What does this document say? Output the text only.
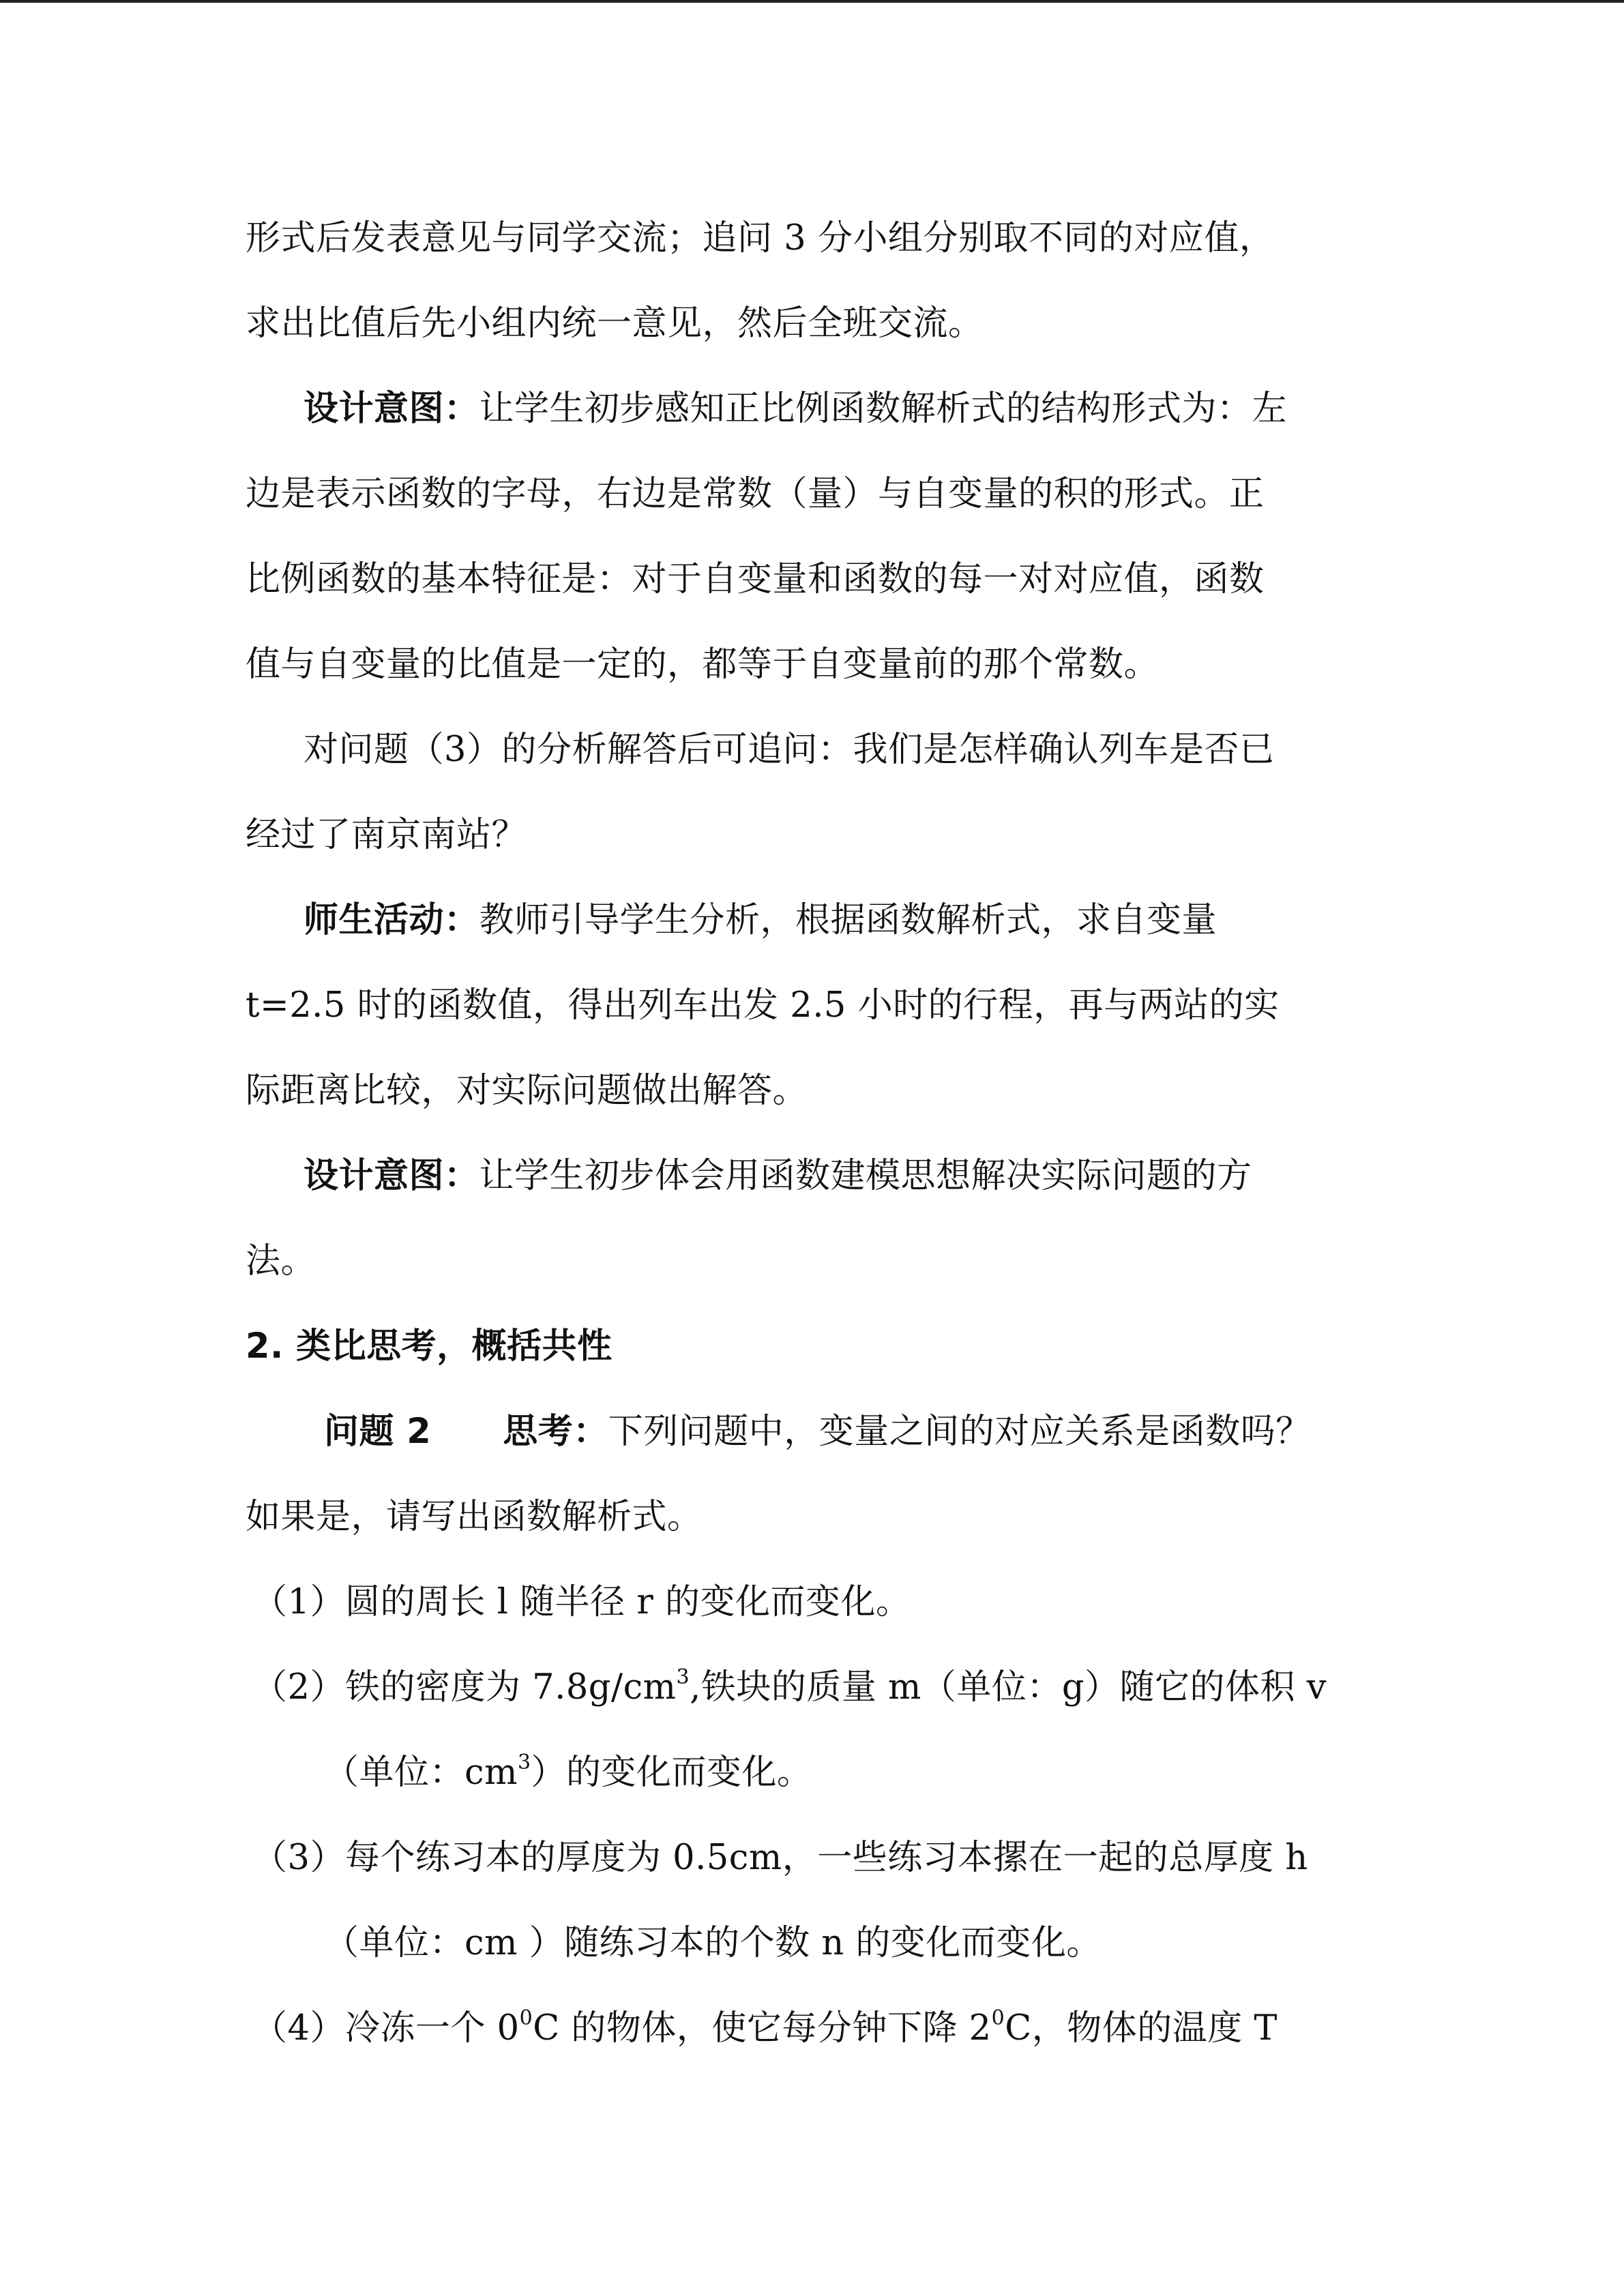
形式后发表意见与同学交流；追问 3 分小组分别取不同的对应值，
求出比值后先小组内统一意见，然后全班交流。
设计意图：让学生初步感知正比例函数解析式的结构形式为：左
边是表示函数的字母，右边是常数（量）与自变量的积的形式。正
比例函数的基本特征是：对于自变量和函数的每一对对应值，函数
值与自变量的比值是一定的，都等于自变量前的那个常数。
对问题（3）的分析解答后可追问：我们是怎样确认列车是否已
经过了南京南站？
师生活动：教师引导学生分析，根据函数解析式，求自变量
t=2.5 时的函数值，得出列车出发 2.5 小时的行程，再与两站的实
际距离比较，对实际问题做出解答。
设计意图：让学生初步体会用函数建模思想解决实际问题的方
法。
2. 类比思考，概括共性
问题 2 思考：下列问题中，变量之间的对应关系是函数吗？
如果是，请写出函数解析式。
（1）圆的周长 l 随半径 r 的变化而变化。
（2）铁的密度为 $7.8g/cm^3$,铁块的质量 m（单位：g）随它的体积 v
（单位：$cm^3$）的变化而变化。
（3）每个练习本的厚度为 0.5cm，一些练习本摞在一起的总厚度 h
（单位：cm ）随练习本的个数 n 的变化而变化。
（4）冷冻一个 $0^0C$ 的物体，使它每分钟下降 $2^0C$，物体的温度 T
